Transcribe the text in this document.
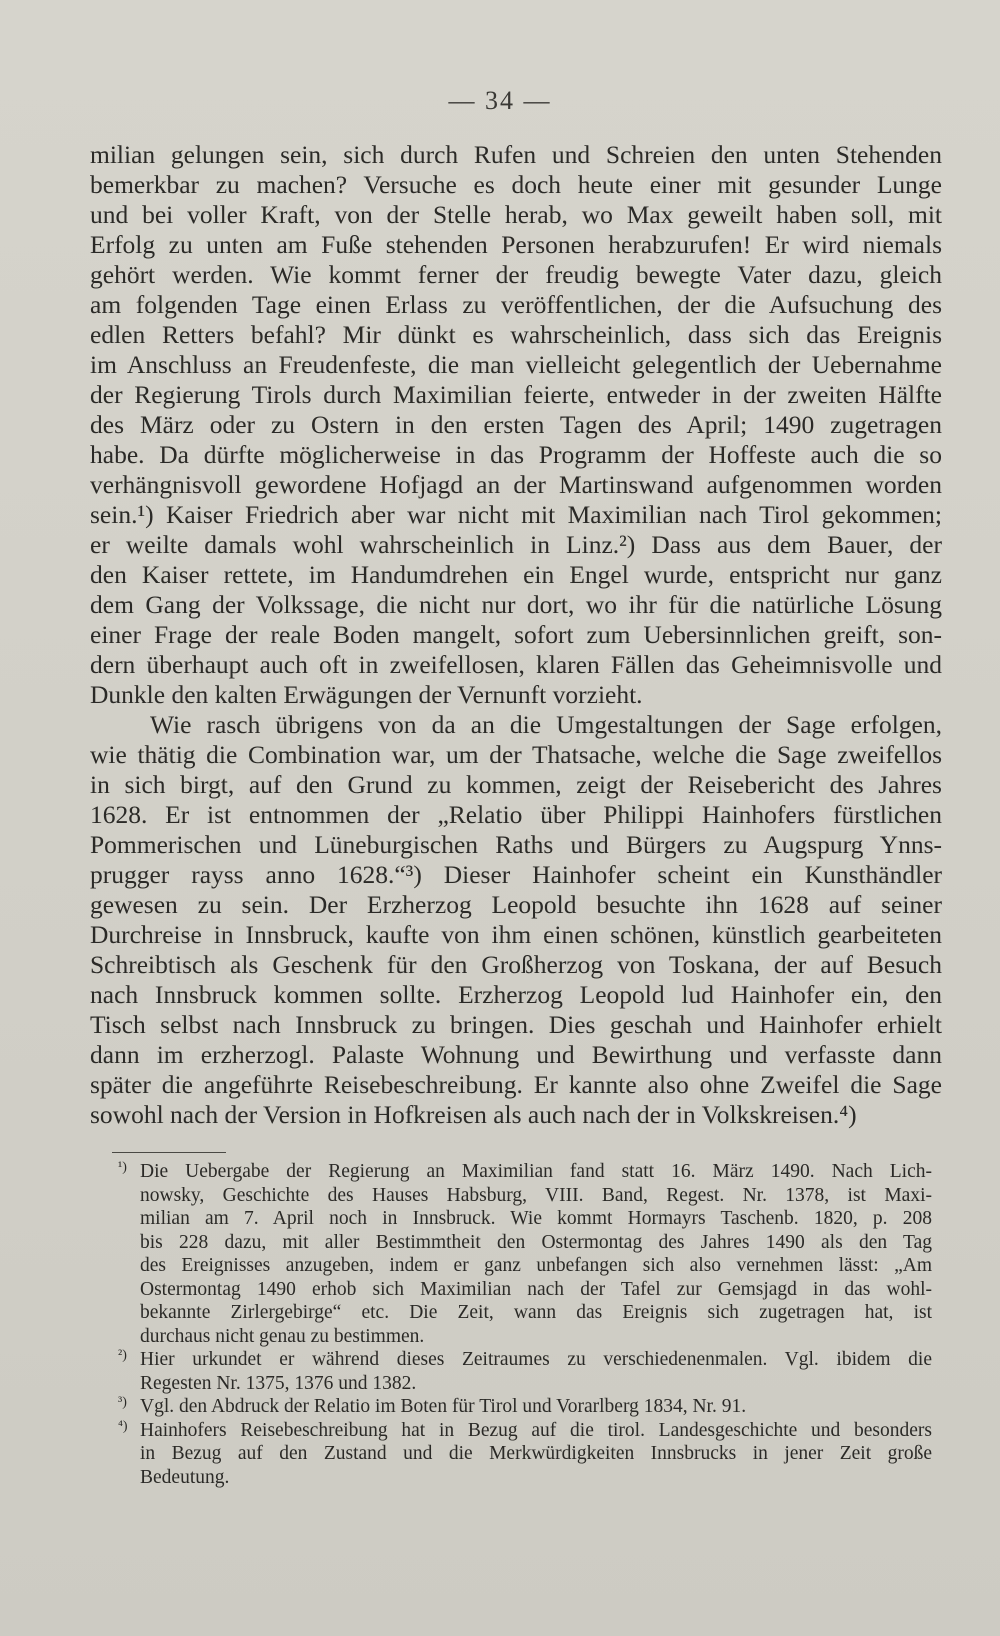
— 34 —
milian gelungen sein, sich durch Rufen und Schreien den unten Stehenden
bemerkbar zu machen? Versuche es doch heute einer mit gesunder Lunge
und bei voller Kraft, von der Stelle herab, wo Max geweilt haben soll, mit
Erfolg zu unten am Fuße stehenden Personen herabzurufen! Er wird niemals
gehört werden. Wie kommt ferner der freudig bewegte Vater dazu, gleich
am folgenden Tage einen Erlass zu veröffentlichen, der die Aufsuchung des
edlen Retters befahl? Mir dünkt es wahrscheinlich, dass sich das Ereignis
im Anschluss an Freudenfeste, die man vielleicht gelegentlich der Uebernahme
der Regierung Tirols durch Maximilian feierte, entweder in der zweiten Hälfte
des März oder zu Ostern in den ersten Tagen des April; 1490 zugetragen
habe. Da dürfte möglicherweise in das Programm der Hoffeste auch die so
verhängnisvoll gewordene Hofjagd an der Martinswand aufgenommen worden
sein.¹) Kaiser Friedrich aber war nicht mit Maximilian nach Tirol gekommen;
er weilte damals wohl wahrscheinlich in Linz.²) Dass aus dem Bauer, der
den Kaiser rettete, im Handumdrehen ein Engel wurde, entspricht nur ganz
dem Gang der Volkssage, die nicht nur dort, wo ihr für die natürliche Lösung
einer Frage der reale Boden mangelt, sofort zum Uebersinnlichen greift, son-
dern überhaupt auch oft in zweifellosen, klaren Fällen das Geheimnisvolle und
Dunkle den kalten Erwägungen der Vernunft vorzieht.
Wie rasch übrigens von da an die Umgestaltungen der Sage erfolgen,
wie thätig die Combination war, um der Thatsache, welche die Sage zweifellos
in sich birgt, auf den Grund zu kommen, zeigt der Reisebericht des Jahres
1628. Er ist entnommen der „Relatio über Philippi Hainhofers fürstlichen
Pommerischen und Lüneburgischen Raths und Bürgers zu Augspurg Ynns-
prugger rayss anno 1628.“³) Dieser Hainhofer scheint ein Kunsthändler
gewesen zu sein. Der Erzherzog Leopold besuchte ihn 1628 auf seiner
Durchreise in Innsbruck, kaufte von ihm einen schönen, künstlich gearbeiteten
Schreibtisch als Geschenk für den Großherzog von Toskana, der auf Besuch
nach Innsbruck kommen sollte. Erzherzog Leopold lud Hainhofer ein, den
Tisch selbst nach Innsbruck zu bringen. Dies geschah und Hainhofer erhielt
dann im erzherzogl. Palaste Wohnung und Bewirthung und verfasste dann
später die angeführte Reisebeschreibung. Er kannte also ohne Zweifel die Sage
sowohl nach der Version in Hofkreisen als auch nach der in Volkskreisen.⁴)
¹) Die Uebergabe der Regierung an Maximilian fand statt 16. März 1490. Nach Lich-
nowsky, Geschichte des Hauses Habsburg, VIII. Band, Regest. Nr. 1378, ist Maxi-
milian am 7. April noch in Innsbruck. Wie kommt Hormayrs Taschenb. 1820, p. 208
bis 228 dazu, mit aller Bestimmtheit den Ostermontag des Jahres 1490 als den Tag
des Ereignisses anzugeben, indem er ganz unbefangen sich also vernehmen lässt: „Am
Ostermontag 1490 erhob sich Maximilian nach der Tafel zur Gemsjagd in das wohl-
bekannte Zirlergebirge“ etc. Die Zeit, wann das Ereignis sich zugetragen hat, ist
durchaus nicht genau zu bestimmen.
²) Hier urkundet er während dieses Zeitraumes zu verschiedenenmalen. Vgl. ibidem die
Regesten Nr. 1375, 1376 und 1382.
³) Vgl. den Abdruck der Relatio im Boten für Tirol und Vorarlberg 1834, Nr. 91.
⁴) Hainhofers Reisebeschreibung hat in Bezug auf die tirol. Landesgeschichte und besonders
in Bezug auf den Zustand und die Merkwürdigkeiten Innsbrucks in jener Zeit große
Bedeutung.
